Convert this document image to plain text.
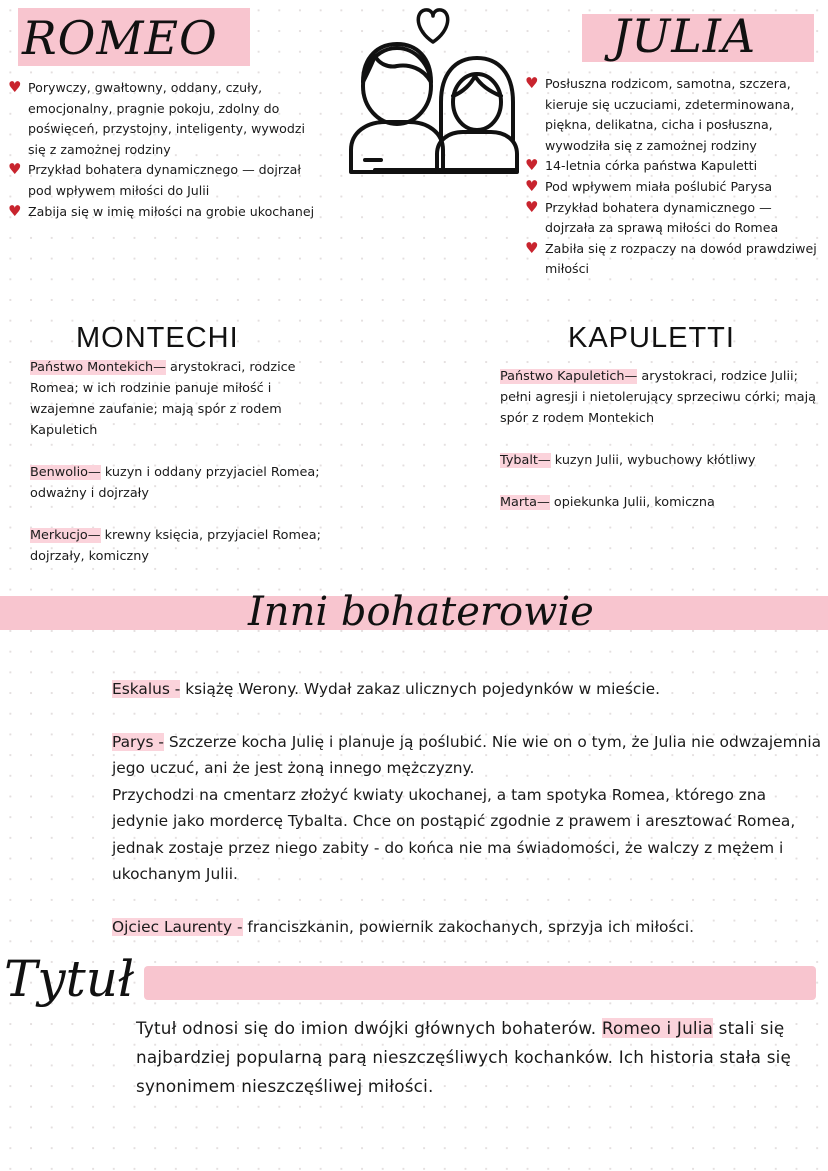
ROMEO
♥ Porywczy, gwałtowny, oddany, czuły, emocjonalny, pragnie pokoju, zdolny do poświęceń, przystojny, inteligenty, wywodzi się z zamożnej rodziny
♥ Przykład bohatera dynamicznego — dojrzał pod wpływem miłości do Julii
♥ Zabija się w imię miłości na grobie ukochanej
JULIA
♥ Posłuszna rodzicom, samotna, szczera, kieruje się uczuciami, zdeterminowana, piękna, delikatna, cicha i posłuszna, wywodziła się z zamożnej rodziny
♥ 14-letnia córka państwa Kapuletti
♥ Pod wpływem miała poślubić Parysa
♥ Przykład bohatera dynamicznego — dojrzała za sprawą miłości do Romea
♥ Zabiła się z rozpaczy na dowód prawdziwej miłości
MONTECHI

Państwo Montekich— arystokraci, rodzice Romea; w ich rodzinie panuje miłość i wzajemne zaufanie; mają spór z rodem Kapuletich

Benwolio— kuzyn i oddany przyjaciel Romea; odważny i dojrzały

Merkucjo— krewny księcia, przyjaciel Romea; dojrzały, komiczny

KAPULETTI

Państwo Kapuletich— arystokraci, rodzice Julii; pełni agresji i nietolerujący sprzeciwu córki; mają spór z rodem Montekich

Tybalt— kuzyn Julii, wybuchowy kłótliwy

Marta— opiekunka Julii, komiczna

Inni bohaterowie

Eskalus - książę Werony. Wydał zakaz ulicznych pojedynków w mieście.

Parys - Szczerze kocha Julię i planuje ją poślubić. Nie wie on o tym, że Julia nie odwzajemnia jego uczuć, ani że jest żoną innego mężczyzny.
Przychodzi na cmentarz złożyć kwiaty ukochanej, a tam spotyka Romea, którego zna jedynie jako mordercę Tybalta. Chce on postąpić zgodnie z prawem i aresztować Romea, jednak zostaje przez niego zabity - do końca nie ma świadomości, że walczy z mężem i ukochanym Julii.

Ojciec Laurenty - franciszkanin, powiernik zakochanych, sprzyja ich miłości.

Tytuł
Tytuł odnosi się do imion dwójki głównych bohaterów. Romeo i Julia stali się najbardziej popularną parą nieszczęśliwych kochanków. Ich historia stała się synonimem nieszczęśliwej miłości.
